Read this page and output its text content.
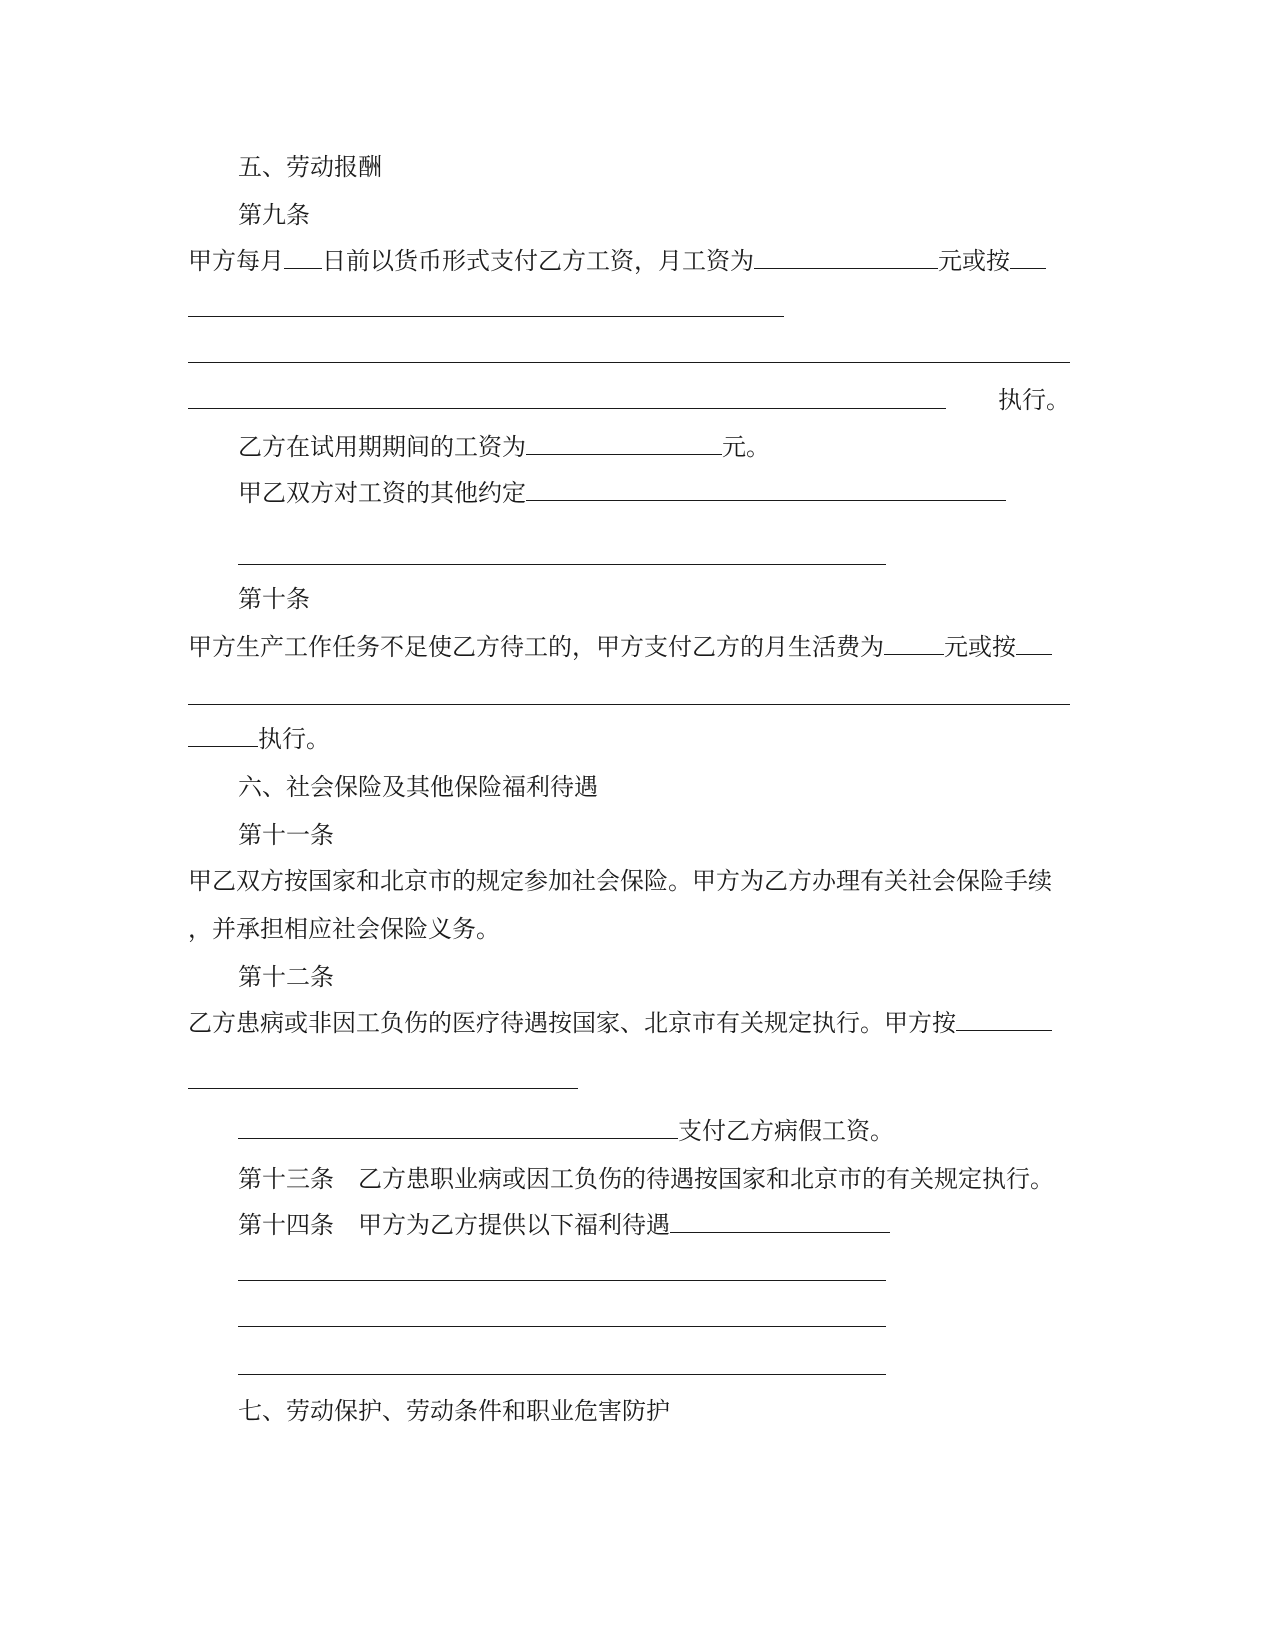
五、劳动报酬
第九条
甲方每月 日前以货币形式支付乙方工资，月工资为	元或按
执行。
乙方在试用期期间的工资为	元。
甲乙双方对工资的其他约定
第十条
甲方生产工作任务不足使乙方待工的，甲方支付乙方的月生活费为	元或按
执行。
六、社会保险及其他保险福利待遇
第十一条
甲乙双方按国家和北京市的规定参加社会保险。甲方为乙方办理有关社会保险手续
，并承担相应社会保险义务。
第十二条
乙方患病或非因工负伤的医疗待遇按国家、北京市有关规定执行。甲方按
支付乙方病假工资。
第十三条　乙方患职业病或因工负伤的待遇按国家和北京市的有关规定执行。
第十四条　甲方为乙方提供以下福利待遇
七、劳动保护、劳动条件和职业危害防护
